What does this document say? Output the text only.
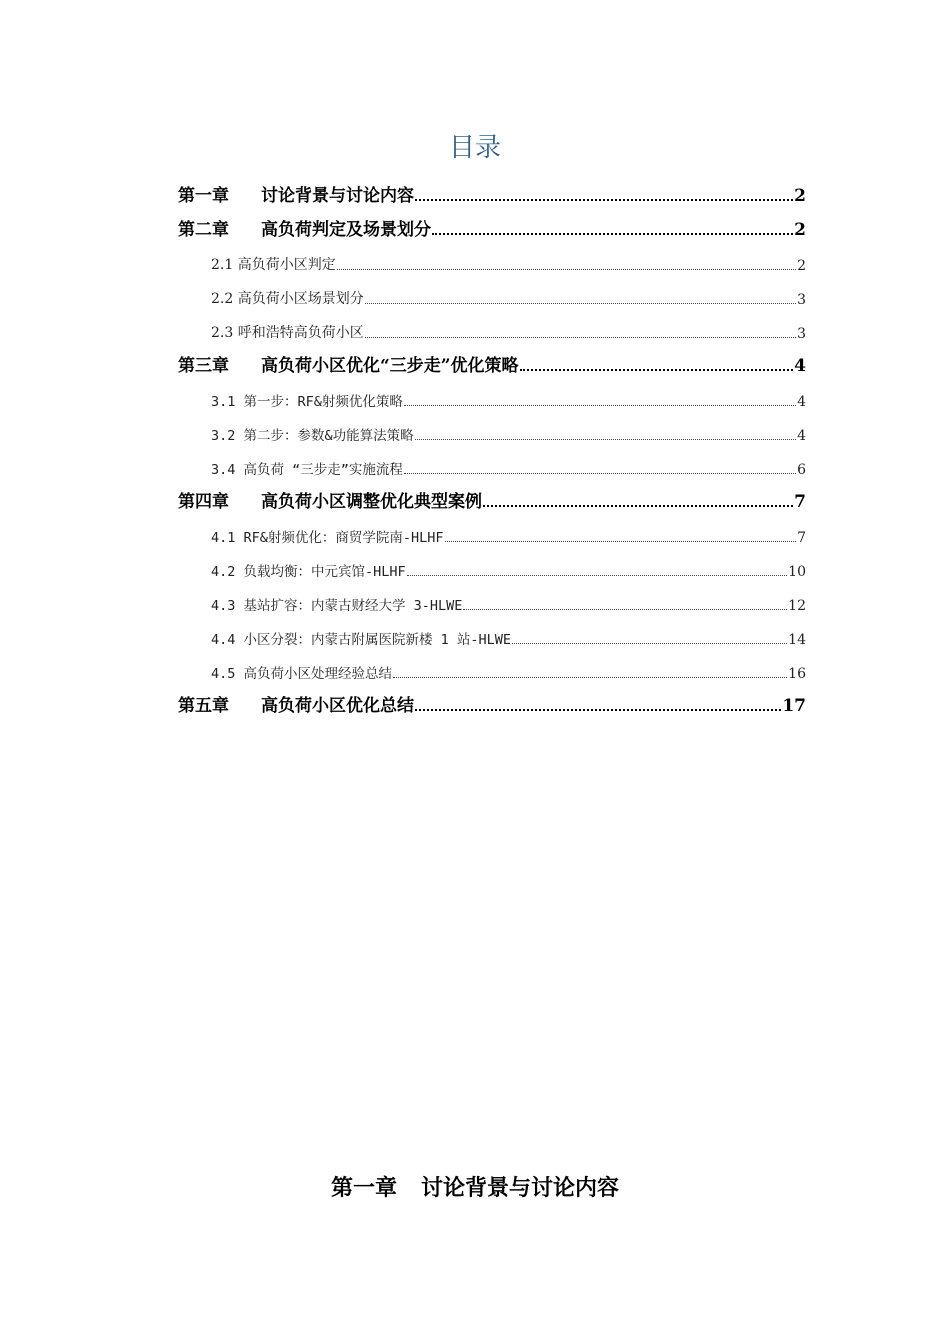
目录
第一章	讨论背景与讨论内容	2
第二章	高负荷判定及场景划分	2
2.1 高负荷小区判定	2
2.2 高负荷小区场景划分	3
2.3 呼和浩特高负荷小区	3
第三章	高负荷小区优化“三步走”优化策略	4
3.1 第一步：RF&射频优化策略	4
3.2 第二步：参数&功能算法策略	4
3.4 高负荷 “三步走”实施流程	6
第四章	高负荷小区调整优化典型案例	7
4.1 RF&射频优化：商贸学院南-HLHF	7
4.2 负载均衡：中元宾馆-HLHF	10
4.3 基站扩容：内蒙古财经大学 3-HLWE	12
4.4 小区分裂：内蒙古附属医院新楼 1 站-HLWE	14
4.5 高负荷小区处理经验总结	16
第五章	高负荷小区优化总结	17
第一章 讨论背景与讨论内容
